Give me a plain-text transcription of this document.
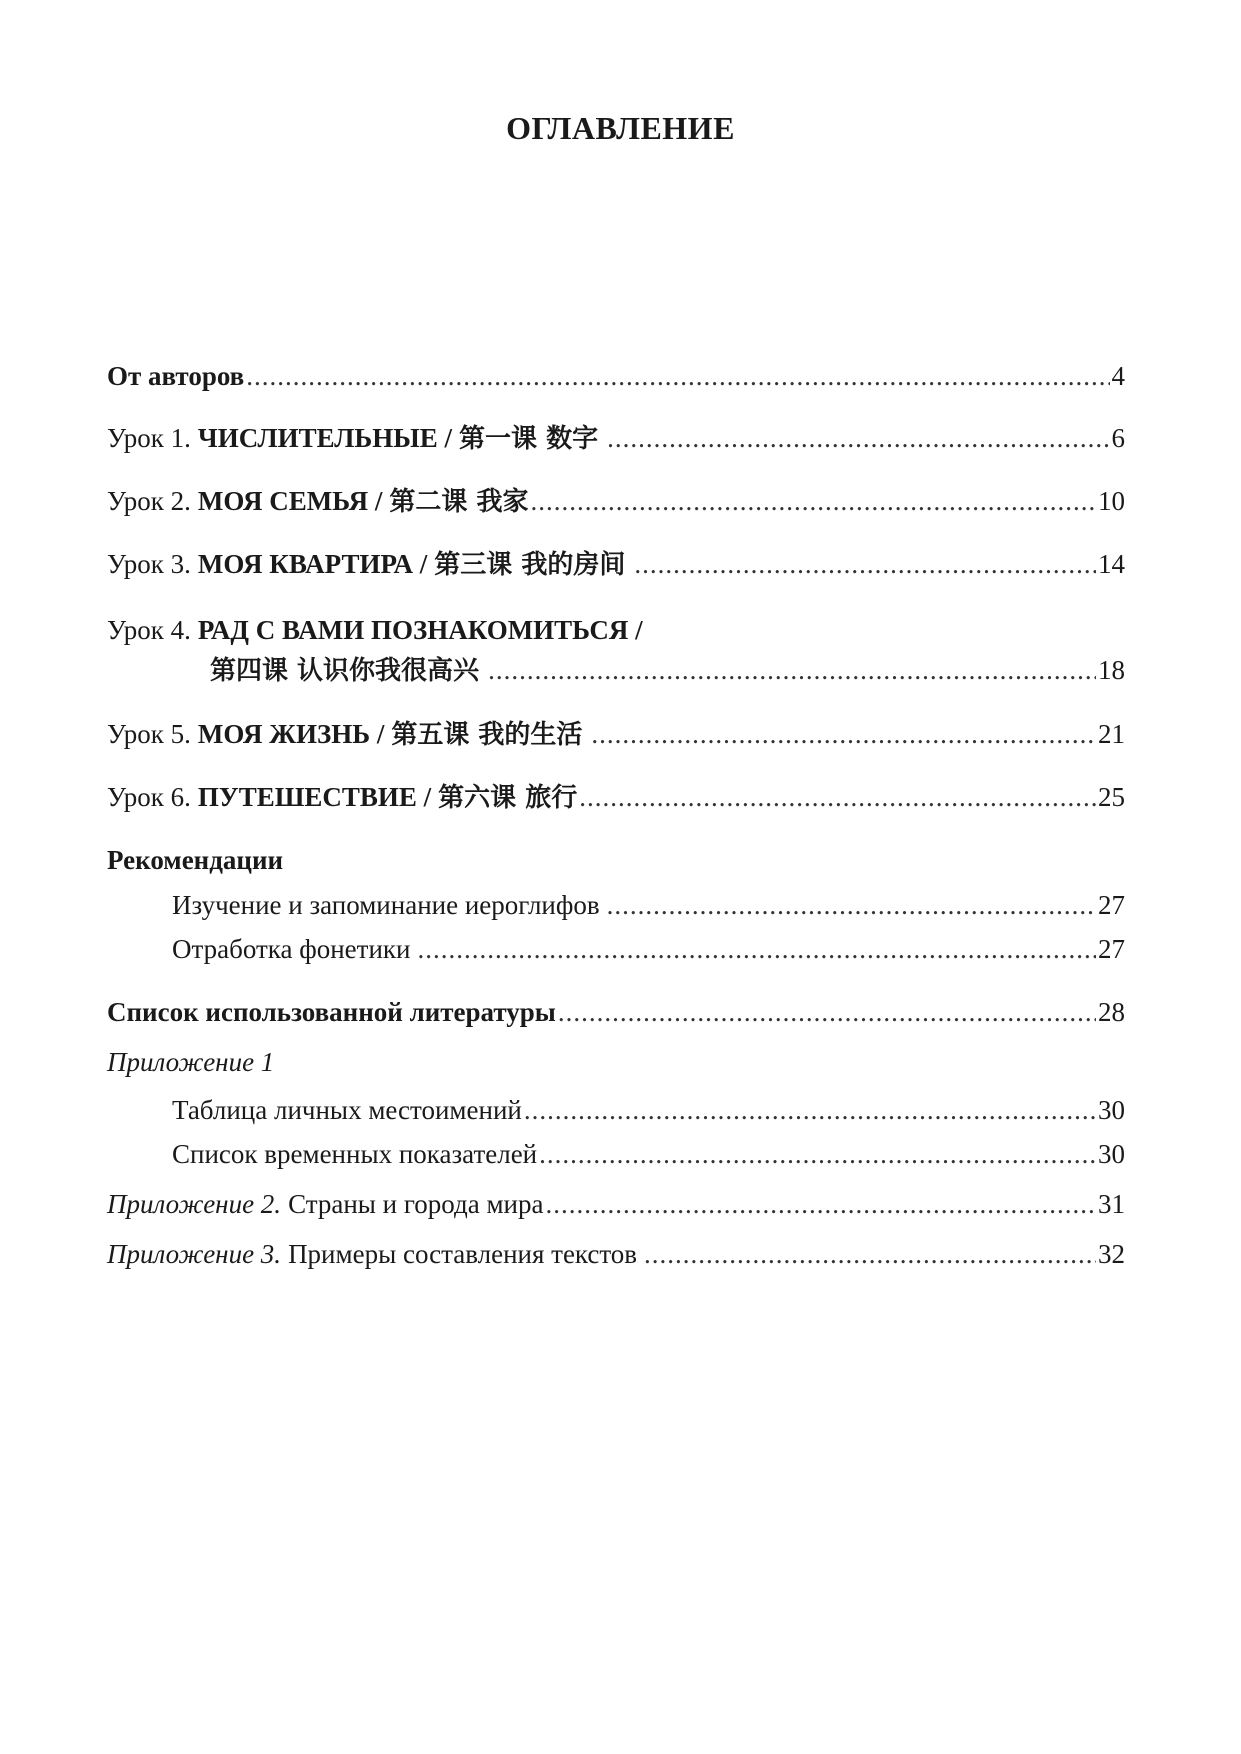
ОГЛАВЛЕНИЕ
От авторов .....	4
Урок 1. ЧИСЛИТЕЛЬНЫЕ / 第一课 数字 .....	6
Урок 2. МОЯ СЕМЬЯ / 第二课 我家 .....	10
Урок 3. МОЯ КВАРТИРА / 第三课 我的房间 .....	14
Урок 4. РАД С ВАМИ ПОЗНАКОМИТЬСЯ /
第四课 认识你我很高兴 .....	18
Урок 5. МОЯ ЖИЗНЬ / 第五课 我的生活 .....	21
Урок 6. ПУТЕШЕСТВИЕ / 第六课 旅行 .....	25
Рекомендации
Изучение и запоминание иероглифов .....	27
Отработка фонетики .....	27
Список использованной литературы .....	28
Приложение 1
Таблица личных местоимений .....	30
Список временных показателей .....	30
Приложение 2. Страны и города мира .....	31
Приложение 3. Примеры составления текстов .....	32
